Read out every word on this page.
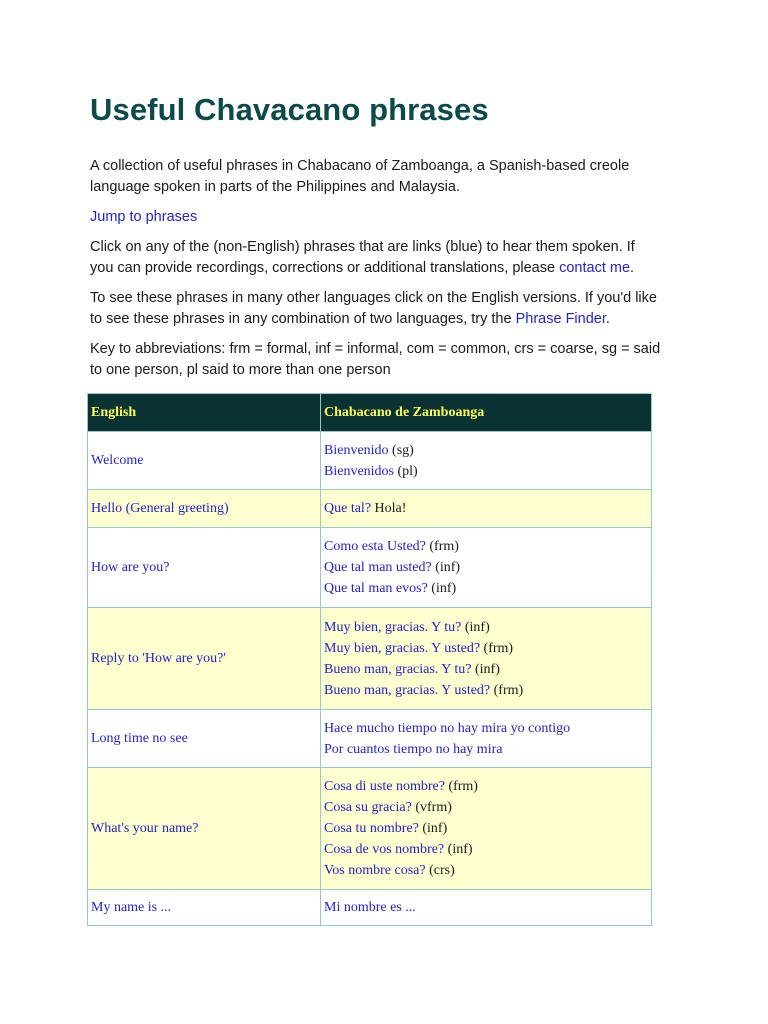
Useful Chavacano phrases

A collection of useful phrases in Chabacano of Zamboanga, a Spanish-based creole language spoken in parts of the Philippines and Malaysia.

Jump to phrases

Click on any of the (non-English) phrases that are links (blue) to hear them spoken. If you can provide recordings, corrections or additional translations, please contact me.

To see these phrases in many other languages click on the English versions. If you'd like to see these phrases in any combination of two languages, try the Phrase Finder.

Key to abbreviations: frm = formal, inf = informal, com = common, crs = coarse, sg = said to one person, pl said to more than one person

English	Chabacano de Zamboanga
Welcome	Bienvenido (sg)
Bienvenidos (pl)

Hello (General greeting)	Que tal? Hola!

How are you?	Como esta Usted? (frm)
Que tal man usted? (inf)
Que tal man evos? (inf)

Reply to 'How are you?'	Muy bien, gracias. Y tu? (inf)
Muy bien, gracias. Y usted? (frm)
Bueno man, gracias. Y tu? (inf)
Bueno man, gracias. Y usted? (frm)

Long time no see	Hace mucho tiempo no hay mira yo contigo
Por cuantos tiempo no hay mira

What's your name?	Cosa di uste nombre? (frm)
Cosa su gracia? (vfrm)
Cosa tu nombre? (inf)
Cosa de vos nombre? (inf)
Vos nombre cosa? (crs)

My name is ...	Mi nombre es ...
